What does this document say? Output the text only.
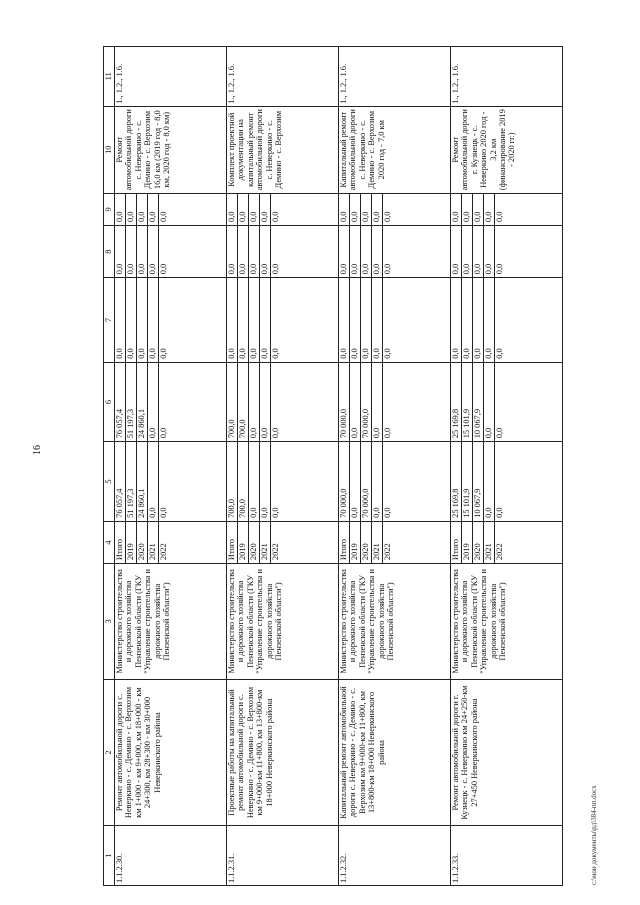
16
1	2	3	4	5	6	7	8	9	10	11
1.1.2.30.	Ремонт автомобильной дороги с. Неверкино - с. Демино - с. Верхозим км 1+000 - км 9+000, км 18+000 - км 24+300, км 28+300 - км 30+000 Неверкинского района	Министерство строительства и дорожного хозяйства Пензенской области (ГКУ "Управление строительства и дорожного хозяйства Пензенской области")	Итого 2019 2020 2021 2022	76 057,4 51 197,3 24 860,1 0,0 0,0	76 057,4 51 197,3 24 860,1 0,0 0,0	0,0 0,0 0,0 0,0 0,0	0,0 0,0 0,0 0,0 0,0	0,0 0,0 0,0 0,0 0,0	Ремонт автомобильной дороги с. Неверкино - с. Демино - с. Верхозим 16,0 км (2019 год - 8,0 км, 2020 год - 8,0 км)	1., 1.2., 1.6.
1.1.2.31.	Проектные работы на капитальный ремонт автомобильной дороги с. Неверкино - с. Демино - с. Верхозим км 9+000-км 11+800, км 13+800-км 18+000 Неверкинского района	Министерство строительства и дорожного хозяйства Пензенской области (ГКУ "Управление строительства и дорожного хозяйства Пензенской области")	Итого 2019 2020 2021 2022	700,0 700,0 0,0 0,0 0,0	700,0 700,0 0,0 0,0 0,0	0,0 0,0 0,0 0,0 0,0	0,0 0,0 0,0 0,0 0,0	0,0 0,0 0,0 0,0 0,0	Комплект проектной документации на капитальный ремонт автомобильной дороги с. Неверкино - с. Демино - с. Верхозим	1., 1.2., 1.6.
1.1.2.32.	Капитальный ремонт автомобильной дороги с. Неверкино - с. Демино - с. Верхозим км 9+000-км 11+800, км 13+800-км 18+000 Неверкинского района	Министерство строительства и дорожного хозяйства Пензенской области (ГКУ "Управление строительства и дорожного хозяйства Пензенской области")	Итого 2019 2020 2021 2022	70 000,0 0,0 70 000,0 0,0 0,0	70 000,0 0,0 70 000,0 0,0 0,0	0,0 0,0 0,0 0,0 0,0	0,0 0,0 0,0 0,0 0,0	0,0 0,0 0,0 0,0 0,0	Капитальный ремонт автомобильной дороги с. Неверкино - с. Демино - с. Верхозим 2020 год - 7,0 км	1., 1.2., 1.6.
1.1.2.33.	Ремонт автомобильной дороги г. Кузнецк - с. Неверкино км 24+250-км 27+450 Неверкинского района	Министерство строительства и дорожного хозяйства Пензенской области (ГКУ "Управление строительства и дорожного хозяйства Пензенской области")	Итого 2019 2020 2021 2022	25 169,8 15 101,9 10 067,9 0,0 0,0	25 169,8 15 101,9 10 067,9 0,0 0,0	0,0 0,0 0,0 0,0 0,0	0,0 0,0 0,0 0,0 0,0	0,0 0,0 0,0 0,0 0,0	Ремонт автомобильной дороги г. Кузнецк - с. Неверкино 2020 год - 3,2 км (финансирование 2019 - 2020 гг.)	1., 1.2., 1.6.
c:\мои документы\рд\384-пп.docx
